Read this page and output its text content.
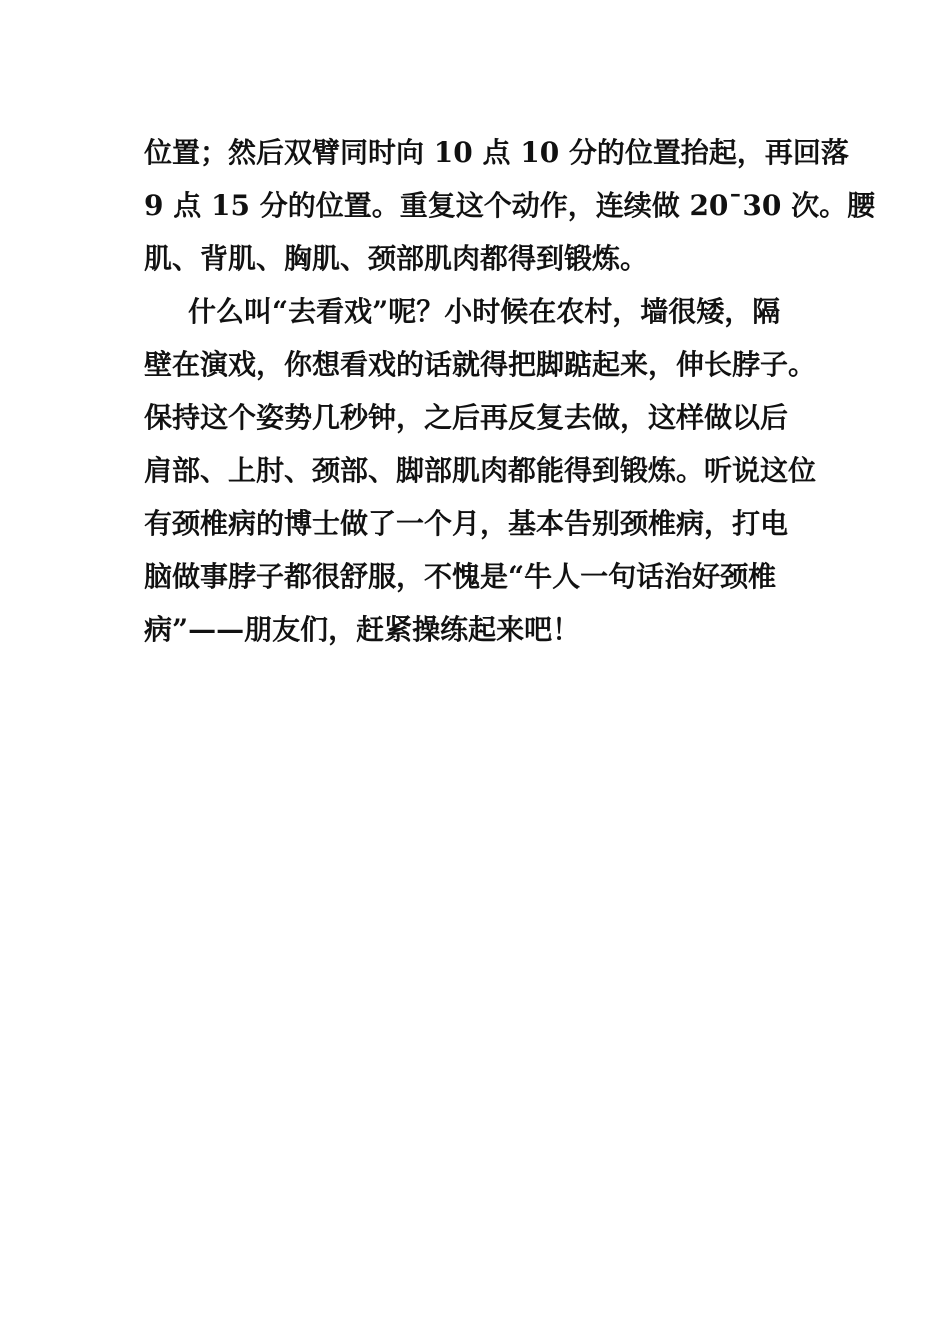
位置；然后双臂同时向 10 点 10 分的位置抬起，再回落
9 点 15 分的位置。重复这个动作，连续做 20¯30 次。腰
肌、背肌、胸肌、颈部肌肉都得到锻炼。
什么叫“去看戏”呢？小时候在农村，墙很矮，隔
壁在演戏，你想看戏的话就得把脚踮起来，伸长脖子。
保持这个姿势几秒钟，之后再反复去做，这样做以后
肩部、上肘、颈部、脚部肌肉都能得到锻炼。听说这位
有颈椎病的博士做了一个月，基本告别颈椎病，打电
脑做事脖子都很舒服，不愧是“牛人一句话治好颈椎
病”——朋友们，赶紧操练起来吧！
